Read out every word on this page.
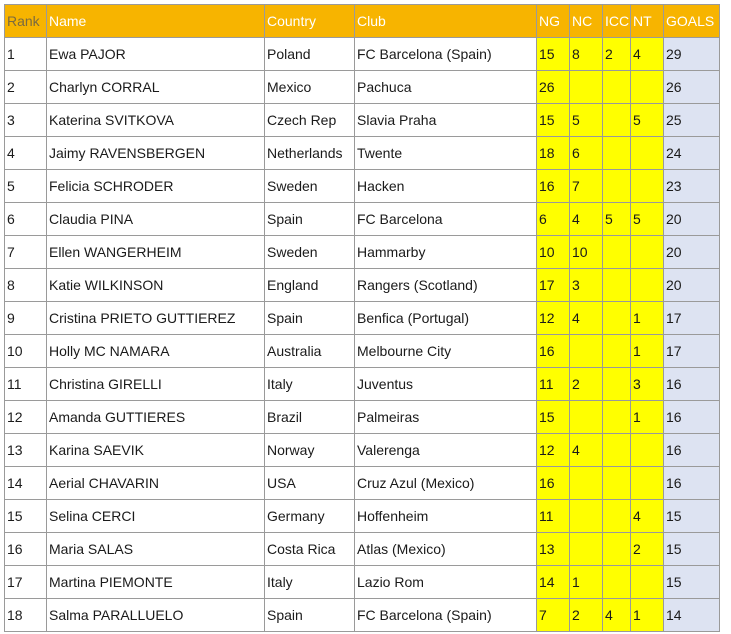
Rank	Name	Country	Club	NG	NC	ICC	NT	GOALS
1	Ewa PAJOR	Poland	FC Barcelona (Spain)	15	8	2	4	29
2	Charlyn CORRAL	Mexico	Pachuca	26				26
3	Katerina SVITKOVA	Czech Rep	Slavia Praha	15	5		5	25
4	Jaimy RAVENSBERGEN	Netherlands	Twente	18	6			24
5	Felicia SCHRODER	Sweden	Hacken	16	7			23
6	Claudia PINA	Spain	FC Barcelona	6	4	5	5	20
7	Ellen WANGERHEIM	Sweden	Hammarby	10	10			20
8	Katie WILKINSON	England	Rangers (Scotland)	17	3			20
9	Cristina PRIETO GUTTIEREZ	Spain	Benfica (Portugal)	12	4		1	17
10	Holly MC NAMARA	Australia	Melbourne City	16			1	17
11	Christina GIRELLI	Italy	Juventus	11	2		3	16
12	Amanda GUTTIERES	Brazil	Palmeiras	15			1	16
13	Karina SAEVIK	Norway	Valerenga	12	4			16
14	Aerial CHAVARIN	USA	Cruz Azul (Mexico)	16				16
15	Selina CERCI	Germany	Hoffenheim	11			4	15
16	Maria SALAS	Costa Rica	Atlas (Mexico)	13			2	15
17	Martina PIEMONTE	Italy	Lazio Rom	14	1			15
18	Salma PARALLUELO	Spain	FC Barcelona (Spain)	7	2	4	1	14
